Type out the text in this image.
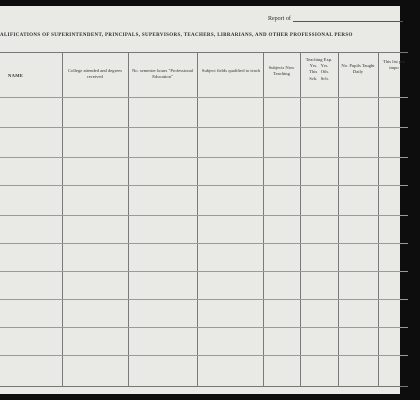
Report of
ALIFICATIONS OF SUPERINTENDENT, PRINCIPALS, SUPERVISORS, TEACHERS, LIBRARIANS, AND OTHER PROFESSIONAL PERSO
NAME
College attended and degrees received
No. semester hours "Professional Education"
Subject fields qualified to teach
Subjects Now Teaching
Teaching Exp.
Yrs.   Yrs.
This   Oth.
Sch.   Sch.
No. Pupils Taught Daily
This list pro impo
